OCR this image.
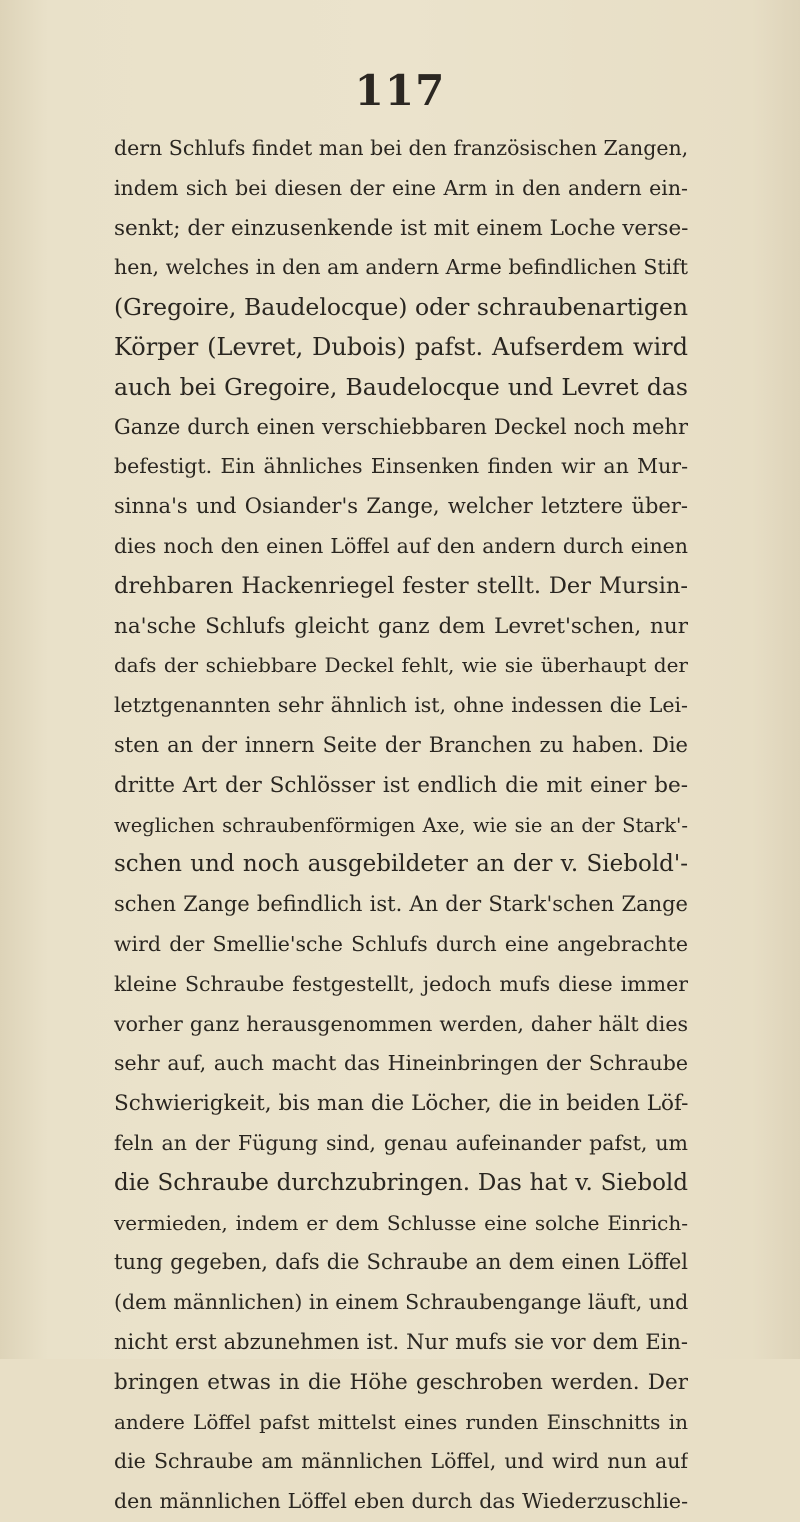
117
dern Schlufs findet man bei den französischen Zangen,
indem sich bei diesen der eine Arm in den andern ein-
senkt; der einzusenkende ist mit einem Loche verse-
hen, welches in den am andern Arme befindlichen Stift
(Gregoire, Baudelocque) oder schraubenartigen
Körper (Levret, Dubois) pafst. Aufserdem wird
auch bei Gregoire, Baudelocque und Levret das
Ganze durch einen verschiebbaren Deckel noch mehr
befestigt. Ein ähnliches Einsenken finden wir an Mur-
sinna's und Osiander's Zange, welcher letztere über-
dies noch den einen Löffel auf den andern durch einen
drehbaren Hackenriegel fester stellt. Der Mursin-
na'sche Schlufs gleicht ganz dem Levret'schen, nur
dafs der schiebbare Deckel fehlt, wie sie überhaupt der
letztgenannten sehr ähnlich ist, ohne indessen die Lei-
sten an der innern Seite der Branchen zu haben. Die
dritte Art der Schlösser ist endlich die mit einer be-
weglichen schraubenförmigen Axe, wie sie an der Stark'-
schen und noch ausgebildeter an der v. Siebold'-
schen Zange befindlich ist. An der Stark'schen Zange
wird der Smellie'sche Schlufs durch eine angebrachte
kleine Schraube festgestellt, jedoch mufs diese immer
vorher ganz herausgenommen werden, daher hält dies
sehr auf, auch macht das Hineinbringen der Schraube
Schwierigkeit, bis man die Löcher, die in beiden Löf-
feln an der Fügung sind, genau aufeinander pafst, um
die Schraube durchzubringen. Das hat v. Siebold
vermieden, indem er dem Schlusse eine solche Einrich-
tung gegeben, dafs die Schraube an dem einen Löffel
(dem männlichen) in einem Schraubengange läuft, und
nicht erst abzunehmen ist. Nur mufs sie vor dem Ein-
bringen etwas in die Höhe geschroben werden. Der
andere Löffel pafst mittelst eines runden Einschnitts in
die Schraube am männlichen Löffel, und wird nun auf
den männlichen Löffel eben durch das Wiederzuschlie-
